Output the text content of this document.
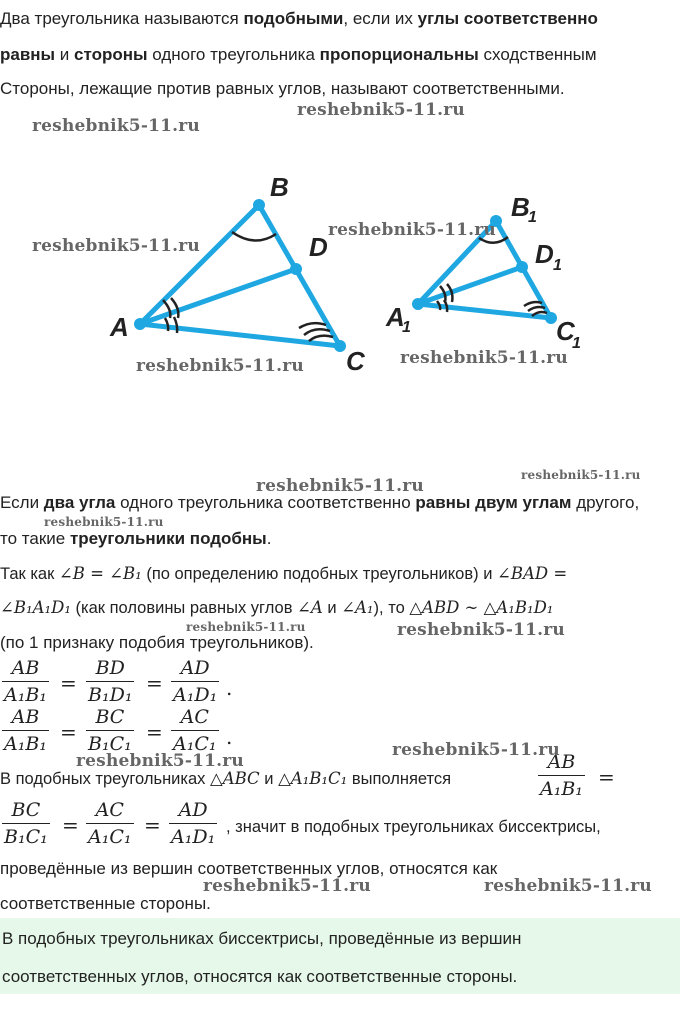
Два треугольника называются подобными, если их углы соответственно
равны и стороны одного треугольника пропорциональны сходственным
Стороны, лежащие против равных углов, называют соответственными.
A
B
C
D
A
1
B
1
C
1
D 1
Если два угла одного треугольника соответственно равны двум углам другого,
то такие треугольники подобны.
Так как ∠B = ∠B₁ (по определению подобных треугольников) и ∠BAD =
∠B₁A₁D₁ (как половины равных углов ∠A и ∠A₁), то △ABD ∼ △A₁B₁D₁
(по 1 признаку подобия треугольников).
AB
A₁B₁ =
BD
B₁D₁ =
AD
A₁D₁ .
AB
A₁B₁ =
BC
B₁C₁ =
AC
A₁C₁ .
В подобных треугольниках △ABC и △A₁B₁C₁ выполняется
AB
A₁B₁ =
BC
B₁C₁ =
AC
A₁C₁ =
AD
A₁D₁ , значит в подобных треугольниках биссектрисы,
проведённые из вершин соответственных углов, относятся как
соответственные стороны.
В подобных треугольниках биссектрисы, проведённые из вершин
соответственных углов, относятся как соответственные стороны.
reshebnik5-11.ru
reshebnik5-11.ru
reshebnik5-11.ru
reshebnik5-11.ru
reshebnik5-11.ru	reshebnik5-11.ru
reshebnik5-11.ru
reshebnik5-11.ru
reshebnik5-11.ru
reshebnik5-11.ru	reshebnik5-11.ru
reshebnik5-11.ru
reshebnik5-11.ru
reshebnik5-11.ru	reshebnik5-11.ru
